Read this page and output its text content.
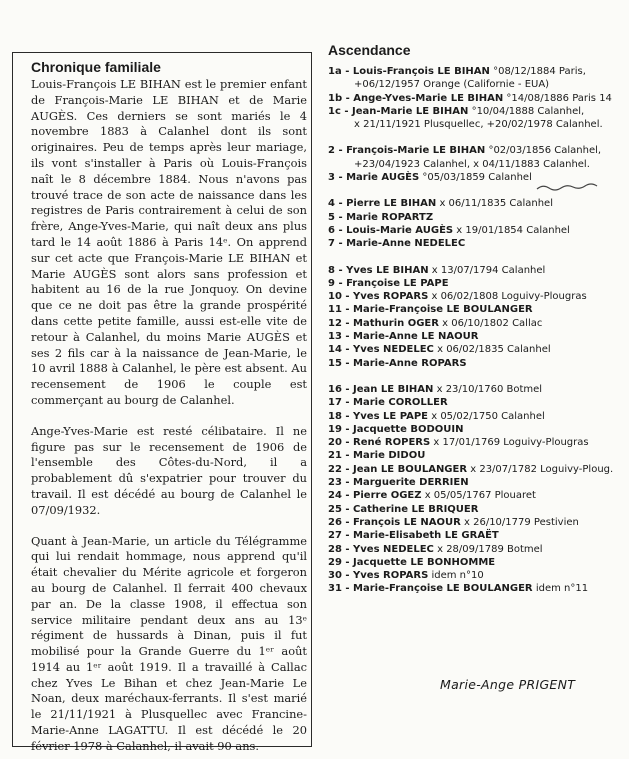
Chronique familiale

Louis-François LE BIHAN est le premier enfant de François-Marie LE BIHAN et de Marie AUGÈS. Ces derniers se sont mariés le 4 novembre 1883 à Calanhel dont ils sont originaires. Peu de temps après leur mariage, ils vont s'installer à Paris où Louis-François naît le 8 décembre 1884. Nous n'avons pas trouvé trace de son acte de naissance dans les registres de Paris contrairement à celui de son frère, Ange-Yves-Marie, qui naît deux ans plus tard le 14 août 1886 à Paris 14ᵉ. On apprend sur cet acte que François-Marie LE BIHAN et Marie AUGÈS sont alors sans profession et habitent au 16 de la rue Jonquoy. On devine que ce ne doit pas être la grande prospérité dans cette petite famille, aussi est-elle vite de retour à Calanhel, du moins Marie AUGÈS et ses 2 fils car à la naissance de Jean-Marie, le 10 avril 1888 à Calanhel, le père est absent. Au recensement de 1906 le couple est commerçant au bourg de Calanhel.

Ange-Yves-Marie est resté célibataire. Il ne figure pas sur le recensement de 1906 de l'ensemble des Côtes-du-Nord, il a probablement dû s'expatrier pour trouver du travail. Il est décédé au bourg de Calanhel le 07/09/1932.

Quant à Jean-Marie, un article du Télégramme qui lui rendait hommage, nous apprend qu'il était chevalier du Mérite agricole et forgeron au bourg de Calanhel. Il ferrait 400 chevaux par an. De la classe 1908, il effectua son service militaire pendant deux ans au 13ᵉ régiment de hussards à Dinan, puis il fut mobilisé pour la Grande Guerre du 1ᵉʳ août 1914 au 1ᵉʳ août 1919. Il a travaillé à Callac chez Yves Le Bihan et chez Jean-Marie Le Noan, deux maréchaux-ferrants. Il s'est marié le 21/11/1921 à Plusquellec avec Francine-Marie-Anne LAGATTU. Il est décédé le 20 février 1978 à Calanhel, il avait 90 ans.

Ascendance
1a - Louis-François LE BIHAN °08/12/1884 Paris,
+06/12/1957 Orange (Californie - EUA)
1b - Ange-Yves-Marie LE BIHAN °14/08/1886 Paris 14
1c - Jean-Marie LE BIHAN °10/04/1888 Calanhel,
x 21/11/1921 Plusquellec, +20/02/1978 Calanhel.
2 - François-Marie LE BIHAN °02/03/1856 Calanhel,
+23/04/1923 Calanhel, x 04/11/1883 Calanhel.
3 - Marie AUGÈS °05/03/1859 Calanhel
4 - Pierre LE BIHAN x 06/11/1835 Calanhel
5 - Marie ROPARTZ
6 - Louis-Marie AUGÈS x 19/01/1854 Calanhel
7 - Marie-Anne NEDELEC
8 - Yves LE BIHAN x 13/07/1794 Calanhel
9 - Françoise LE PAPE
10 - Yves ROPARS x 06/02/1808 Loguivy-Plougras
11 - Marie-Françoise LE BOULANGER
12 - Mathurin OGER x 06/10/1802 Callac
13 - Marie-Anne LE NAOUR
14 - Yves NEDELEC x 06/02/1835 Calanhel
15 - Marie-Anne ROPARS
16 - Jean LE BIHAN x 23/10/1760 Botmel
17 - Marie COROLLER
18 - Yves LE PAPE x 05/02/1750 Calanhel
19 - Jacquette BODOUIN
20 - René ROPERS x 17/01/1769 Loguivy-Plougras
21 - Marie DIDOU
22 - Jean LE BOULANGER x 23/07/1782 Loguivy-Ploug.
23 - Marguerite DERRIEN
24 - Pierre OGEZ x 05/05/1767 Plouaret
25 - Catherine LE BRIQUER
26 - François LE NAOUR x 26/10/1779 Pestivien
27 - Marie-Elisabeth LE GRAËT
28 - Yves NEDELEC x 28/09/1789 Botmel
29 - Jacquette LE BONHOMME
30 - Yves ROPARS idem n°10
31 - Marie-Françoise LE BOULANGER idem n°11
Marie-Ange PRIGENT
